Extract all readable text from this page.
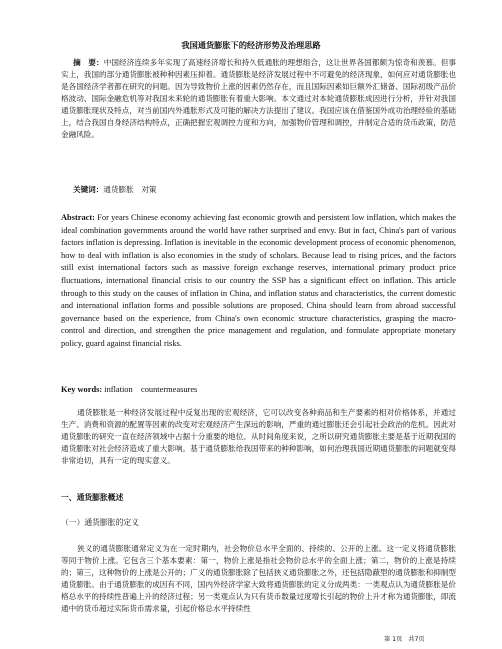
我国通货膨胀下的经济形势及治理思路
摘　要：中国经济连续多年实现了高速经济增长和持久低通胀的理想组合，这让世界各国都颇为惊奇和羡慕。但事实上，我国的部分通货膨胀被种种因素压抑着。通货膨胀是经济发展过程中不可避免的经济现象，如何应对通货膨胀也是各国经济学者都在研究的问题。因为导致物价上涨的因素仍然存在，而且国际因素如巨额外汇储备、国际初级产品价格波动、国际金融危机等对我国未来轮的通货膨胀有着重大影响。本文通过对本轮通货膨胀成因进行分析，并针对我国通货膨胀现状及特点，对当前国内外通胀形式及可能的解决方法提出了建议。我国应该在借鉴国外成功治理经验的基础上，结合我国自身经济结构特点，正确把握宏观调控力度和方向，加强物价管理和调控，并制定合适的货币政策，防范金融风险。
关键词：通货膨胀　对策
Abstract: For years Chinese economy achieving fast economic growth and persistent low inflation, which makes the ideal combination governments around the world have rather surprised and envy. But in fact, China's part of various factors inflation is depressing. Inflation is inevitable in the economic development process of economic phenomenon, how to deal with inflation is also economies in the study of scholars. Because lead to rising prices, and the factors still exist international factors such as massive foreign exchange reserves, international primary product price fluctuations, international financial crisis to our country the SSP has a significant effect on inflation. This article through to this study on the causes of inflation in China, and inflation status and characteristics, the current domestic and international inflation forms and possible solutions are proposed. China should learn from abroad successful governance based on the experience, from China's own economic structure characteristics, grasping the macro-control and direction, and strengthen the price management and regulation, and formulate appropriate monetary policy, guard against financial risks.
Key words: inflation    countermeasures
通货膨胀是一种经济发展过程中反复出现的宏观经济，它可以改变各种商品和生产要素的相对价格体系，并通过生产、消费和资源的配置等因素的改变对宏观经济产生深远的影响，严重的通过膨胀还会引起社会政治的危机。因此对通货膨胀的研究一直在经济领域中占据十分重要的地位。从时间角度来说，之所以研究通货膨胀主要是基于近期我国的通货膨胀对社会经济造成了重大影响。基于通货膨胀给我国带来的种种影响，如何治理我国近期通货膨胀的问题就变得非常迫切，具有一定的现实意义。
一、通货膨胀概述
（一）通货膨胀的定义
狭义的通货膨胀通常定义为在一定时期内，社会物价总水平全面的、持续的、公开的上涨。这一定义将通货膨胀等同于物价上涨。它包含三个基本要素：第一，物价上涨是指社会物价总水平的全面上涨；第二，物价的上涨是持续的；第三，这种物价的上涨是公开的；广义的通货膨胀除了包括狭义通货膨胀之外，还包括隐蔽型的通货膨胀和抑制型通货膨胀。由于通货膨胀的成因有不同，国内外经济学家大致将通货膨胀的定义分成两类：一类观点认为通货膨胀是价格总水平的持续性普遍上升的经济过程；另一类观点认为只有货币数量过度增长引起的物价上升才称为通货膨胀，即流通中的货币超过实际货币需求量，引起价格总水平持续性
第 1页 共7页
